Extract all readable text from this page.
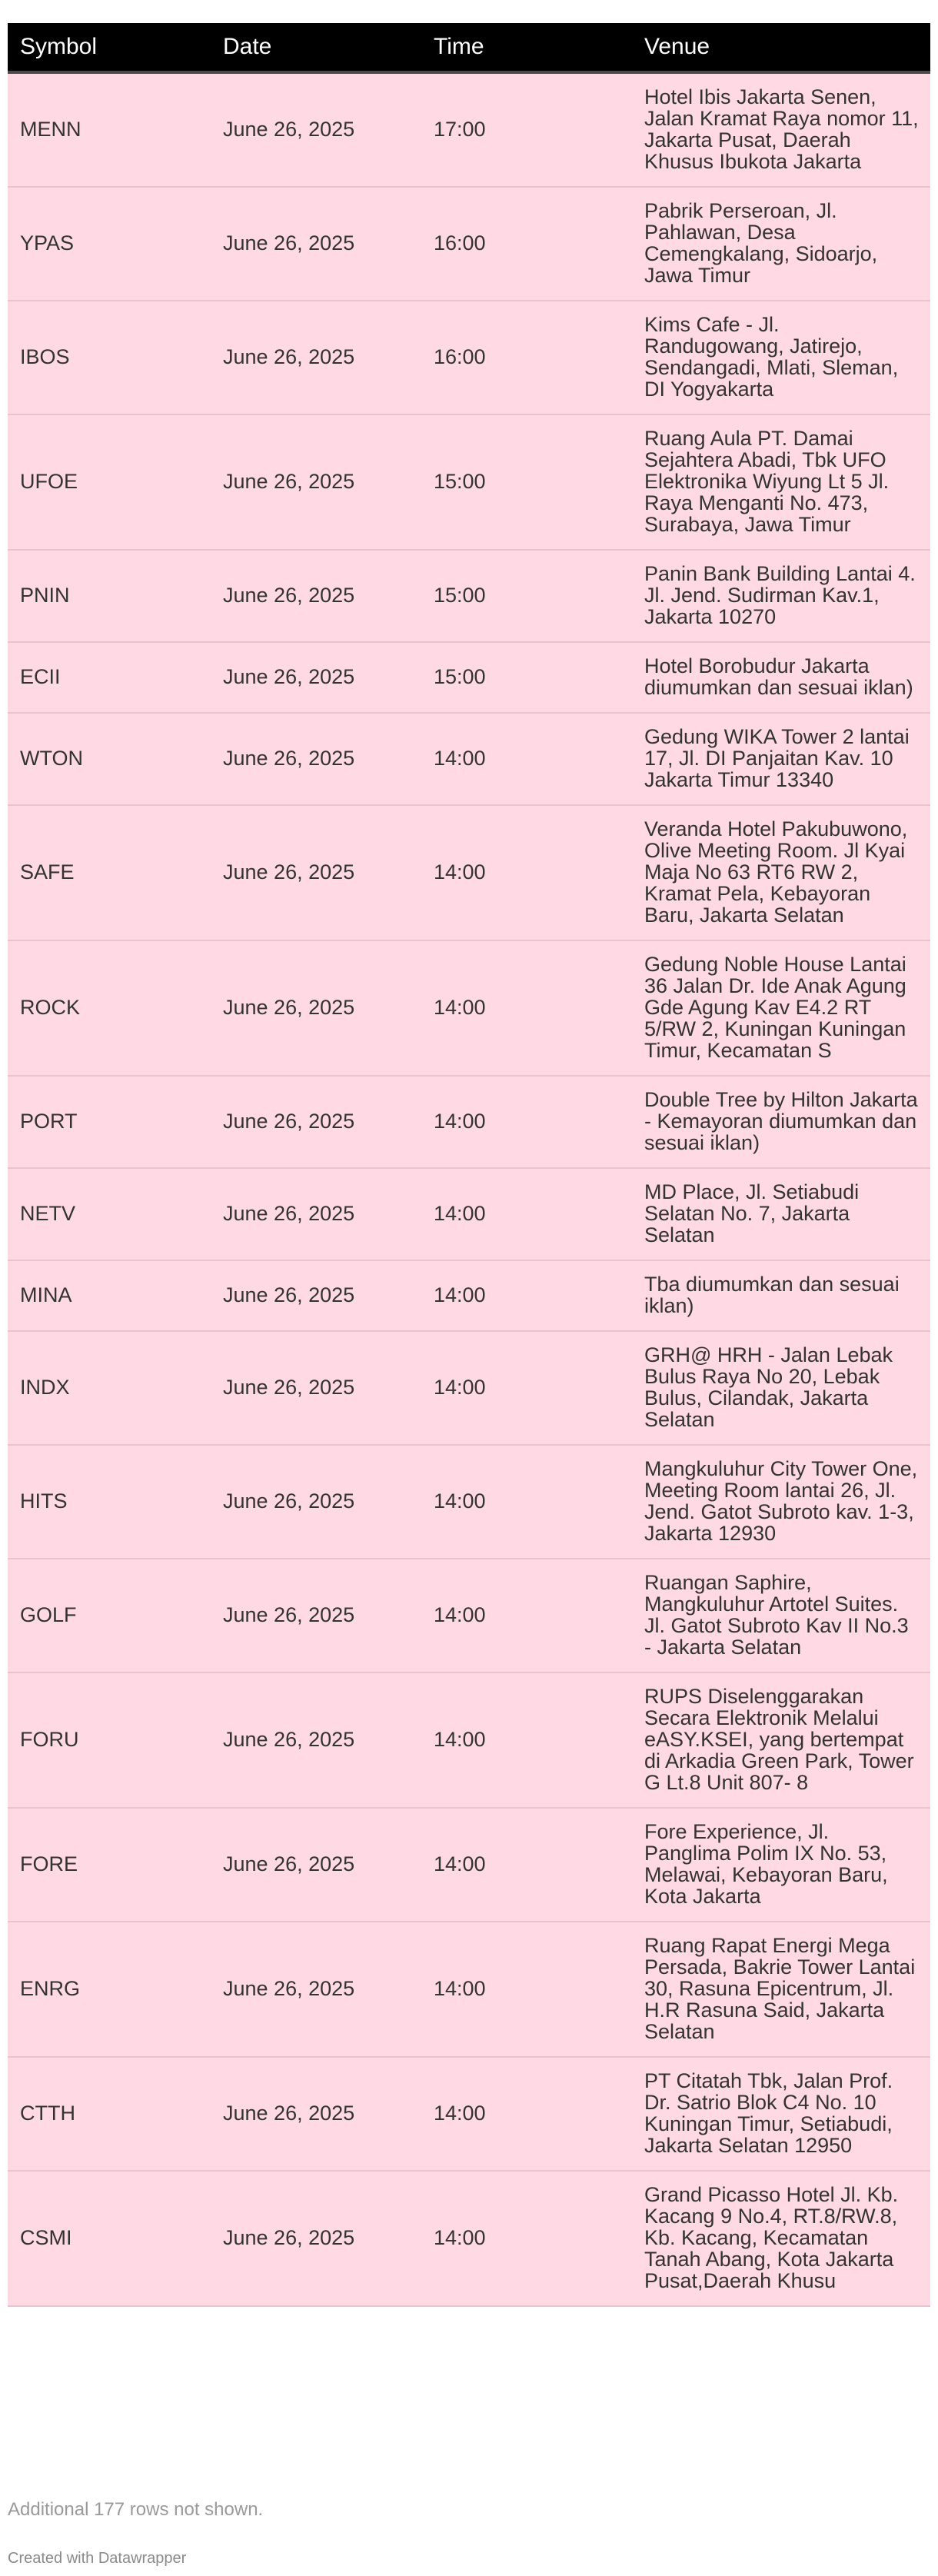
Symbol	Date	Time	Venue
MENN	June 26, 2025	17:00	Hotel Ibis Jakarta Senen, Jalan Kramat Raya nomor 11, Jakarta Pusat, Daerah Khusus Ibukota Jakarta
YPAS	June 26, 2025	16:00	Pabrik Perseroan, Jl. Pahlawan, Desa Cemengkalang, Sidoarjo, Jawa Timur
IBOS	June 26, 2025	16:00	Kims Cafe - Jl. Randugowang, Jatirejo, Sendangadi, Mlati, Sleman, DI Yogyakarta
UFOE	June 26, 2025	15:00	Ruang Aula PT. Damai Sejahtera Abadi, Tbk UFO Elektronika Wiyung Lt 5 Jl. Raya Menganti No. 473, Surabaya, Jawa Timur
PNIN	June 26, 2025	15:00	Panin Bank Building Lantai 4. Jl. Jend. Sudirman Kav.1, Jakarta 10270
ECII	June 26, 2025	15:00	Hotel Borobudur Jakarta diumumkan dan sesuai iklan)
WTON	June 26, 2025	14:00	Gedung WIKA Tower 2 lantai 17, Jl. DI Panjaitan Kav. 10 Jakarta Timur 13340
SAFE	June 26, 2025	14:00	Veranda Hotel Pakubuwono, Olive Meeting Room. Jl Kyai Maja No 63 RT6 RW 2, Kramat Pela, Kebayoran Baru, Jakarta Selatan
ROCK	June 26, 2025	14:00	Gedung Noble House Lantai 36 Jalan Dr. Ide Anak Agung Gde Agung Kav E4.2 RT 5/RW 2, Kuningan Kuningan Timur, Kecamatan S
PORT	June 26, 2025	14:00	Double Tree by Hilton Jakarta - Kemayoran diumumkan dan sesuai iklan)
NETV	June 26, 2025	14:00	MD Place, Jl. Setiabudi Selatan No. 7, Jakarta Selatan
MINA	June 26, 2025	14:00	Tba diumumkan dan sesuai iklan)
INDX	June 26, 2025	14:00	GRH@ HRH - Jalan Lebak Bulus Raya No 20, Lebak Bulus, Cilandak, Jakarta Selatan
HITS	June 26, 2025	14:00	Mangkuluhur City Tower One, Meeting Room lantai 26, Jl. Jend. Gatot Subroto kav. 1-3, Jakarta 12930
GOLF	June 26, 2025	14:00	Ruangan Saphire, Mangkuluhur Artotel Suites. Jl. Gatot Subroto Kav II No.3 - Jakarta Selatan
FORU	June 26, 2025	14:00	RUPS Diselenggarakan Secara Elektronik Melalui eASY.KSEI, yang bertempat di Arkadia Green Park, Tower G Lt.8 Unit 807- 8
FORE	June 26, 2025	14:00	Fore Experience, Jl. Panglima Polim IX No. 53, Melawai, Kebayoran Baru, Kota Jakarta
ENRG	June 26, 2025	14:00	Ruang Rapat Energi Mega Persada, Bakrie Tower Lantai 30, Rasuna Epicentrum, Jl. H.R Rasuna Said, Jakarta Selatan
CTTH	June 26, 2025	14:00	PT Citatah Tbk, Jalan Prof. Dr. Satrio Blok C4 No. 10 Kuningan Timur, Setiabudi, Jakarta Selatan 12950
CSMI	June 26, 2025	14:00	Grand Picasso Hotel Jl. Kb. Kacang 9 No.4, RT.8/RW.8, Kb. Kacang, Kecamatan Tanah Abang, Kota Jakarta Pusat,Daerah Khusu
Additional 177 rows not shown.
Created with Datawrapper
